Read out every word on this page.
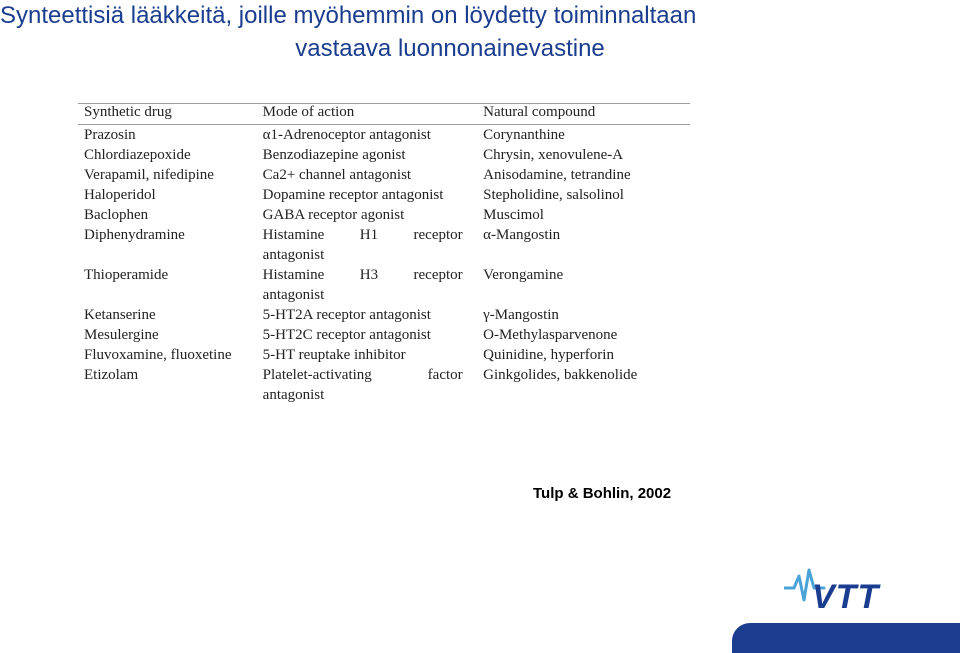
Synteettisiä lääkkeitä, joille myöhemmin on löydetty toiminnaltaan
vastaava luonnonainevastine
Synthetic drug	Mode of action	Natural compound
Prazosin	α1-Adrenoceptor antagonist	Corynanthine
Chlordiazepoxide	Benzodiazepine agonist	Chrysin, xenovulene-A
Verapamil, nifedipine	Ca2+ channel antagonist	Anisodamine, tetrandine
Haloperidol	Dopamine receptor antagonist	Stepholidine, salsolinol
Baclophen	GABA receptor agonist	Muscimol
Diphenydramine	Histamine H1 receptor antagonist	α-Mangostin
Thioperamide	Histamine H3 receptor antagonist	Verongamine
Ketanserine	5-HT2A receptor antagonist	γ-Mangostin
Mesulergine	5-HT2C receptor antagonist	O-Methylasparvenone
Fluvoxamine, fluoxetine	5-HT reuptake inhibitor	Quinidine, hyperforin
Etizolam	Platelet-activating factor antagonist	Ginkgolides, bakkenolide
Tulp & Bohlin, 2002
VTT
